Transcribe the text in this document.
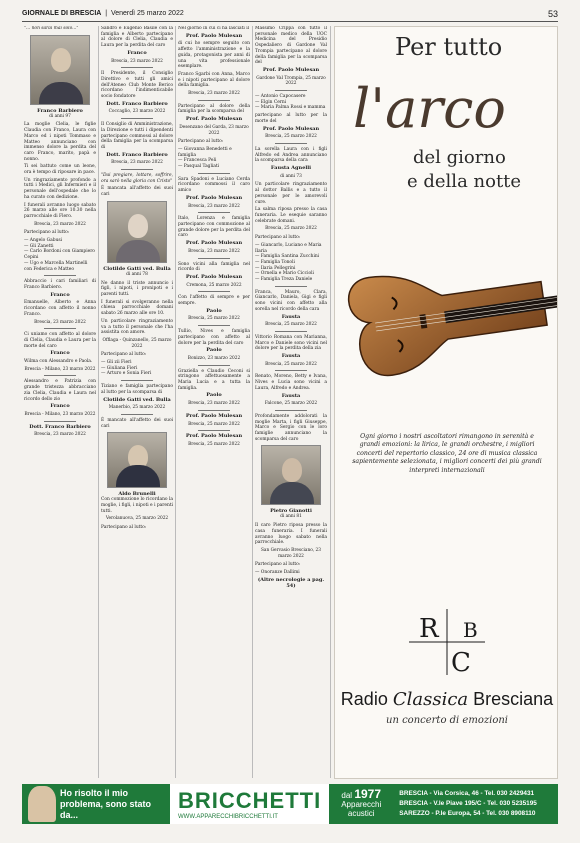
GIORNALE DI BRESCIA  |  Venerdì 25 marzo 2022	53

"... non sarai mai solo..."

Franco Barbiero
di anni 97

La moglie Clelia, le figlie Claudia con Franco, Laura con Marco ed i nipoti Tommaso e Matteo annunciano con immenso dolore la perdita del caro Franco, marito, papà e nonno.

Ti sei battuto come un leone, ora è tempo di riposare in pace.

Un ringraziamento profondo a tutti i Medici, gli Infermieri e il personale dell'ospedale che lo ha curato con dedizione.

I funerali avranno luogo sabato 26 marzo alle ore 10.30 nella parrocchiale di Flero.

Brescia, 23 marzo 2022

Partecipano al lutto:

— Angelo Gabusi
— Gli Zanetti
— Carlo Bordoni con Giampiero Cepini
— Ugo e Marcella Martinelli con Federica e Matteo

Abbraccio i cari familiari di Franco Barbiero.

Franco

Emanuelle, Alberto e Anna ricordano con affetto il nonno Franco.

Brescia, 23 marzo 2022

Ci uniamo con affetto al dolore di Clelia, Claudia e Laura per la morte del caro

Franco

Wilma con Alessandro e Paola.

Brescia - Milano, 23 marzo 2022

Alessandro e Patrizia con grande tristezza abbracciano zia Clelia, Claudia e Laura nel ricordo dello zio

Franco
Brescia - Milano, 23 marzo 2022
Dott. Franco Barbiero
Brescia, 23 marzo 2022

Sandro e Eugenio Basile con la famiglia e Alberto partecipano al dolore di Clelia, Claudia e Laura per la perdita del caro

Franco
Brescia, 23 marzo 2022

Il Presidente, il Consiglio Direttivo e tutti gli amici dell'Ateneo Club Monte Berico ricordano l'indimenticabile socio fondatore

Dott. Franco Barbiero
Coccaglio, 23 marzo 2022

Il Consiglio di Amministrazione, la Direzione e tutti i dipendenti partecipano commossi al dolore della famiglia per la scomparsa di

Dott. Franco Barbiero
Brescia, 23 marzo 2022

"Dai pregiare, lottare, soffrire, ora sarò nella gloria con Cristo"

È mancata all'affetto dei suoi cari

Clotilde Gatti ved. Bulla
di anni 78

Ne danno il triste annuncio i figli, i nipoti, i pronipoti e i parenti tutti.

I funerali si svolgeranno nella chiesa parrocchiale domani sabato 26 marzo alle ore 10.

Un particolare ringraziamento va a tutto il personale che l'ha assistita con amore.

Offlaga - Quinzanello, 25 marzo 2022

Partecipano al lutto:

— Gli zii Fieri
— Giuliana Fieri
— Arturo e Sonia Fieri

Tiziano e famiglia partecipano al lutto per la scomparsa di

Clotilde Gatti ved. Bulla
Manerbio, 25 marzo 2022

È mancato all'affetto dei suoi cari

Aldo Brunelli

Con commozione lo ricordano la moglie, i figli, i nipoti e i parenti tutti.

Verolanuova, 25 marzo 2022

Partecipano al lutto:

Nel giorno in cui ci ha lasciati il

Prof. Paolo Mulesan

di cui ho sempre seguito con affetto l'amministrazione e la guida, protagonista per anni di una vita professionale esemplare.

Franco Sgarbi con Anna, Marco e i nipoti partecipano al dolore della famiglia.

Brescia, 23 marzo 2022

Partecipano al dolore della famiglia per la scomparsa del

Prof. Paolo Mulesan
Desenzano del Garda, 23 marzo 2022

Partecipano al lutto:

— Giovanna Benedetti e famiglia
— Francesca Peli
— Pasqual Tagliati

Sara Spadoni e Luciano Cerda ricordano commossi il caro amico

Prof. Paolo Mulesan
Brescia, 23 marzo 2022

Italo, Lorenza e famiglia partecipano con commozione al grande dolore per la perdita del caro

Prof. Paolo Mulesan
Brescia, 23 marzo 2022

Sono vicini alla famiglia nel ricordo di

Prof. Paolo Mulesan
Cremona, 25 marzo 2022

Con l'affetto di sempre e per sempre.

Paolo
Brescia, 25 marzo 2022

Tullio, Nives e famiglia partecipano con affetto al dolore per la perdita del caro

Paolo
Bonizzo, 23 marzo 2022

Graziella e Claudio Ceconi si stringono affettuosamente a Maria Lucia e a tutta la famiglia.

Paolo
Brescia, 23 marzo 2022
Prof. Paolo Mulesan
Brescia, 25 marzo 2022
Prof. Paolo Mulesan
Brescia, 25 marzo 2022

Massimo Crippa con tutto il personale medico della UOC Medicina del Presidio Ospedaliero di Gardone Val Trompia partecipano al dolore della famiglia per la scomparsa del

Prof. Paolo Mulesan
Gardone Val Trompia, 25 marzo 2022
— Antonio Capocasere
— Elgin Cerni
— Maria Palma Rossi e mamma

partecipano al lutto per la morte del

Prof. Paolo Mulesan
Brescia, 25 marzo 2022

La sorella Laura con i figli Alfredo ed Andrea annunciano la scomparsa della cara

Fausta Agnelli
di anni 73

Un particolare ringraziamento al dottor Ballis e a tutto il personale per le amorevoli cure.

La salma riposa presso la casa funeraria. Le esequie saranno celebrate domani.

Brescia, 25 marzo 2022

Partecipano al lutto:

— Giancarlo, Luciano e Maria Ilaria
— Famiglia Santina Zucchini
— Famiglia Tonoli
— Ilaria Pellegrini
— Ornella e Mario Ciccioli
— Famiglia Treza Daniele

Franca, Mauro, Clara, Giancarlo, Daniela, Gigi e figli sono vicini con affetto alla sorella nel ricordo della cara

Fausta
Brescia, 25 marzo 2022

Vittorio Romana con Marianna, Marco e Daniele sono vicini nel dolore per la perdita della zia

Fausta
Brescia, 25 marzo 2022

Renato, Moreno, Betty e Ivana, Nives e Lucia sono vicini a Laura, Alfredo e Andrea.

Fausta
Falcone, 25 marzo 2022

Profondamente addolorati la moglie Marta, i figli Giuseppe, Marco e Sergio con le loro famiglie annunciano la scomparsa del caro

Pietro Gianotti
di anni 81

Il caro Pietro riposa presso la casa funeraria. I funerali avranno luogo sabato nella parrocchiale.

San Gervasio Bresciano, 23 marzo 2022

Partecipano al lutto:

— Onoranze Dallimi
(Altre necrologie a pag. 54)
Per tutto
l'arco
del giorno
e della notte
Ogni giorno i nostri ascoltatori rimangono in serenità e grandi emozioni: la lirica, le grandi orchestre, i migliori concerti del repertorio classico, 24 ore di musica classica sapientemente selezionata, i migliori concerti dei più grandi interpreti internazionali
R
C
B
Radio Classica Bresciana
un concerto di emozioni
Ho risolto il mio problema, sono stato da...
BRICCHETTI
WWW.APPARECCHIBRICCHETTI.IT
dal 1977
Apparecchi acustici
BRESCIA - Via Corsica, 46 - Tel. 030 2429431
BRESCIA - V.le Piave 195/C - Tel. 030 5235195
SAREZZO - P.le Europa, 54 - Tel. 030 8908110
